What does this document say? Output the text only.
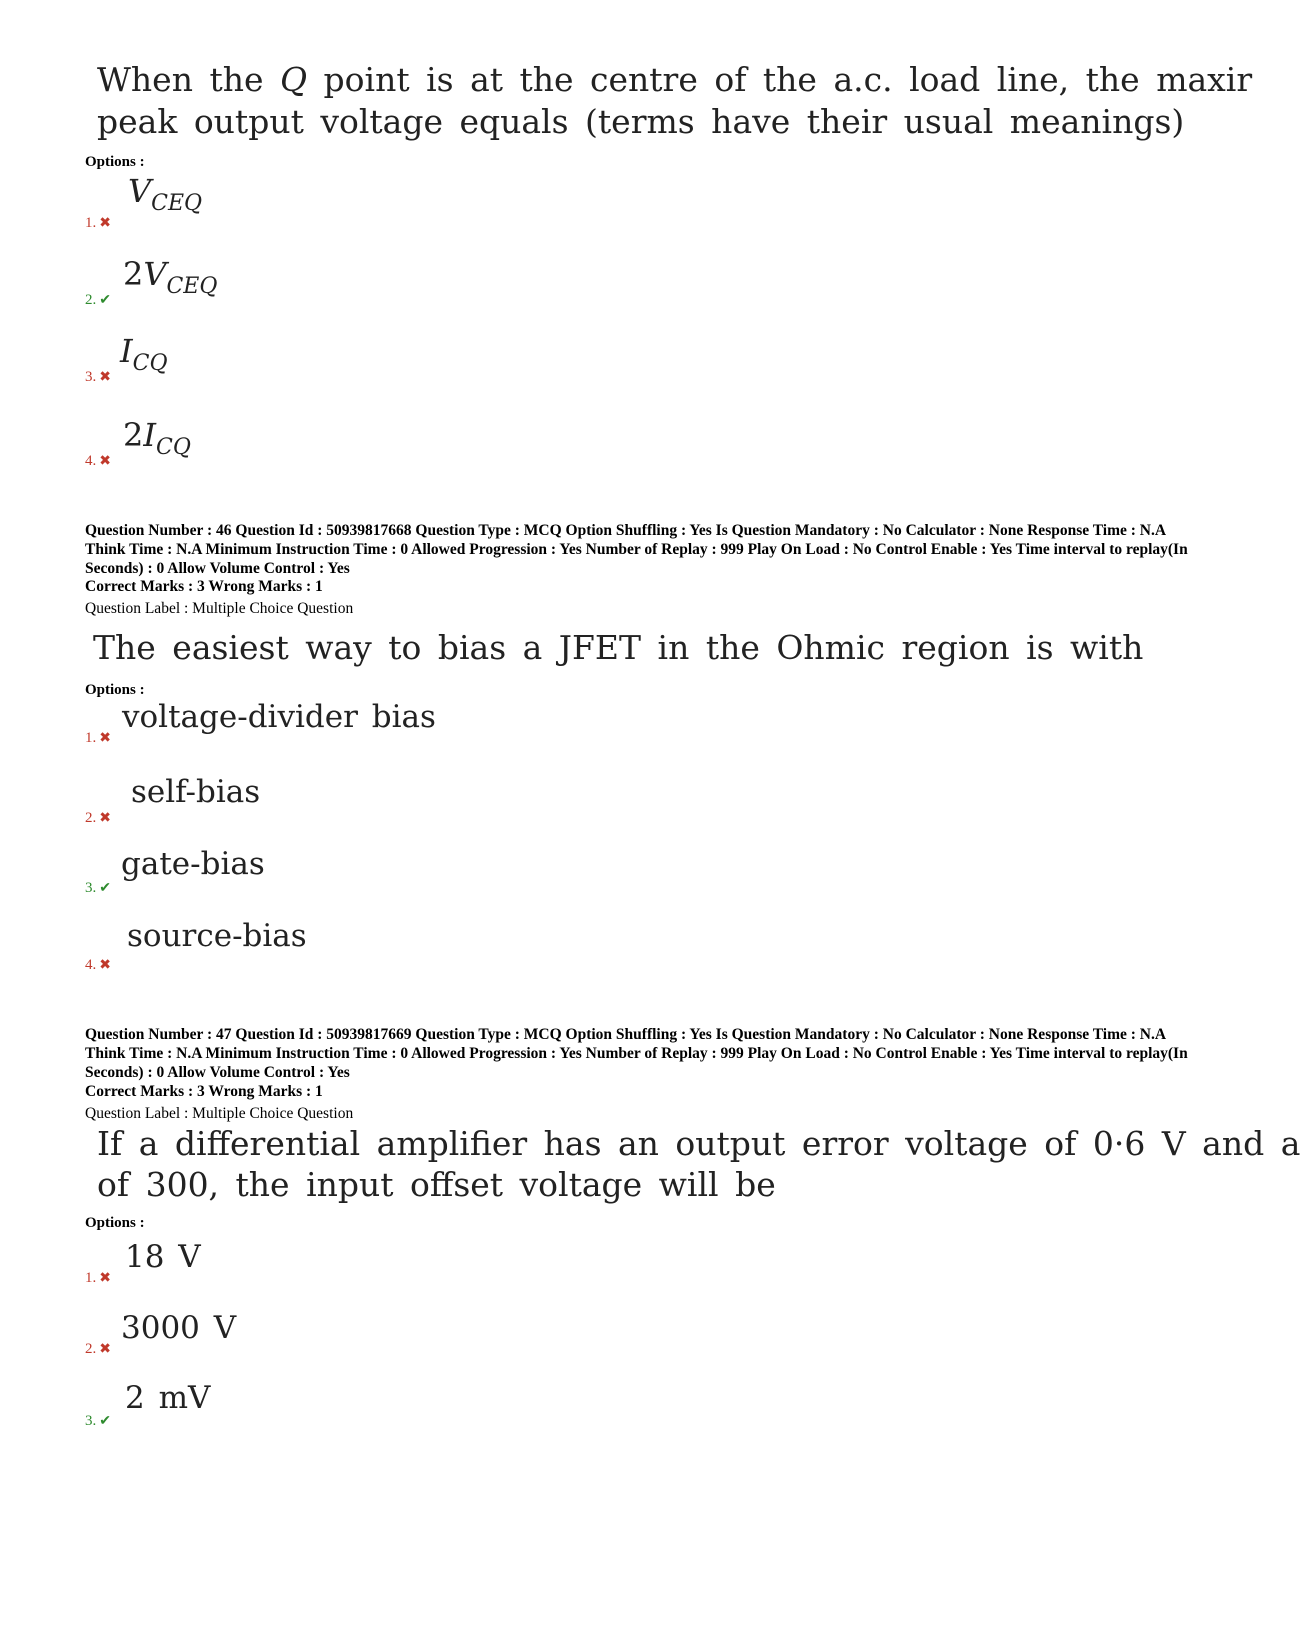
When the Q point is at the centre of the a.c. load line, the maxir
peak output voltage equals (terms have their usual meanings)
Options :
$V_{CEQ}$
1. ✖
$2V_{CEQ}$
2. ✔
$I_{CQ}$
3. ✖
$2I_{CQ}$
4. ✖
Question Number : 46 Question Id : 50939817668 Question Type : MCQ Option Shuffling : Yes Is Question Mandatory : No Calculator : None Response Time : N.A Think Time : N.A Minimum Instruction Time : 0 Allowed Progression : Yes Number of Replay : 999 Play On Load : No Control Enable : Yes Time interval to replay(In Seconds) : 0 Allow Volume Control : Yes
Correct Marks : 3 Wrong Marks : 1
Question Label : Multiple Choice Question
The easiest way to bias a JFET in the Ohmic region is with
Options :
voltage-divider bias
1. ✖
self-bias
2. ✖
gate-bias
3. ✔
source-bias
4. ✖
Question Number : 47 Question Id : 50939817669 Question Type : MCQ Option Shuffling : Yes Is Question Mandatory : No Calculator : None Response Time : N.A Think Time : N.A Minimum Instruction Time : 0 Allowed Progression : Yes Number of Replay : 999 Play On Load : No Control Enable : Yes Time interval to replay(In Seconds) : 0 Allow Volume Control : Yes
Correct Marks : 3 Wrong Marks : 1
Question Label : Multiple Choice Question
If a differential amplifier has an output error voltage of 0·6 V and a
of 300, the input offset voltage will be
Options :
18 V
1. ✖
3000 V
2. ✖
2 mV
3. ✔
